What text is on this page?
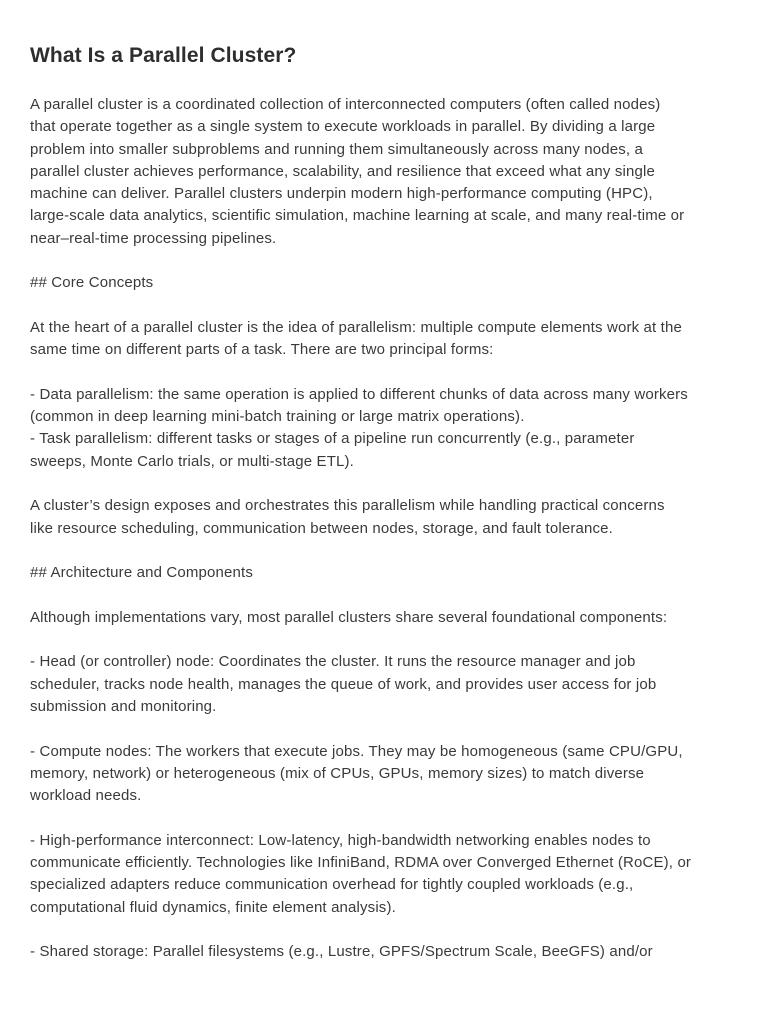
What Is a Parallel Cluster?

A parallel cluster is a coordinated collection of interconnected computers (often called nodes)
that operate together as a single system to execute workloads in parallel. By dividing a large
problem into smaller subproblems and running them simultaneously across many nodes, a
parallel cluster achieves performance, scalability, and resilience that exceed what any single
machine can deliver. Parallel clusters underpin modern high-performance computing (HPC),
large-scale data analytics, scientific simulation, machine learning at scale, and many real-time or
near–real-time processing pipelines.

## Core Concepts

At the heart of a parallel cluster is the idea of parallelism: multiple compute elements work at the
same time on different parts of a task. There are two principal forms:

- Data parallelism: the same operation is applied to different chunks of data across many workers
(common in deep learning mini-batch training or large matrix operations).
- Task parallelism: different tasks or stages of a pipeline run concurrently (e.g., parameter
sweeps, Monte Carlo trials, or multi-stage ETL).

A cluster’s design exposes and orchestrates this parallelism while handling practical concerns
like resource scheduling, communication between nodes, storage, and fault tolerance.

## Architecture and Components

Although implementations vary, most parallel clusters share several foundational components:

- Head (or controller) node: Coordinates the cluster. It runs the resource manager and job
scheduler, tracks node health, manages the queue of work, and provides user access for job
submission and monitoring.

- Compute nodes: The workers that execute jobs. They may be homogeneous (same CPU/GPU,
memory, network) or heterogeneous (mix of CPUs, GPUs, memory sizes) to match diverse
workload needs.

- High-performance interconnect: Low-latency, high-bandwidth networking enables nodes to
communicate efficiently. Technologies like InfiniBand, RDMA over Converged Ethernet (RoCE), or
specialized adapters reduce communication overhead for tightly coupled workloads (e.g.,
computational fluid dynamics, finite element analysis).

- Shared storage: Parallel filesystems (e.g., Lustre, GPFS/Spectrum Scale, BeeGFS) and/or
